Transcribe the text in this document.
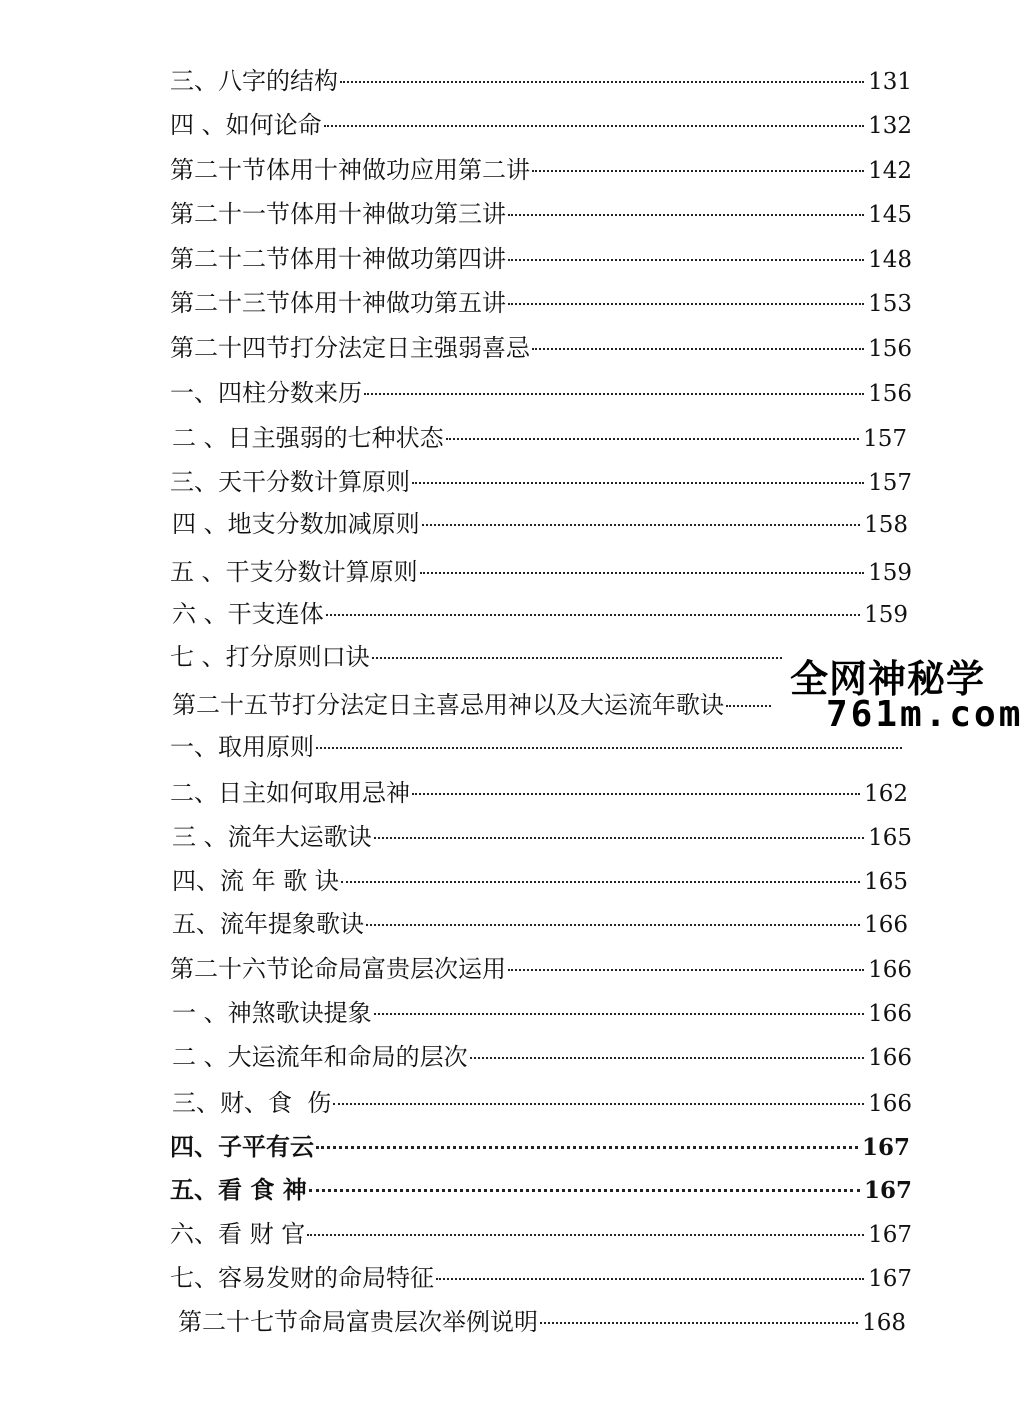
三、八字的结构	131
四 、如何论命	132
第二十节体用十神做功应用第二讲	142
第二十一节体用十神做功第三讲	145
第二十二节体用十神做功第四讲	148
第二十三节体用十神做功第五讲	153
第二十四节打分法定日主强弱喜忌	156
一、四柱分数来历	156
二 、日主强弱的七种状态	157
三、天干分数计算原则	157
四 、地支分数加减原则	158
五 、干支分数计算原则	159
六 、干支连体	159
七 、打分原则口诀
第二十五节打分法定日主喜忌用神以及大运流年歌诀
一、取用原则
二、日主如何取用忌神	162
三 、流年大运歌诀	165
四、流 年 歌 诀	165
五、流年提象歌诀	166
第二十六节论命局富贵层次运用	166
一 、神煞歌诀提象	166
二 、大运流年和命局的层次	166
三、财、食  伤	166
四、子平有云	167
五、看 食 神	167
六、看 财 官	167
七、容易发财的命局特征	167
第二十七节命局富贵层次举例说明	168
全网神秘学
761m.com
